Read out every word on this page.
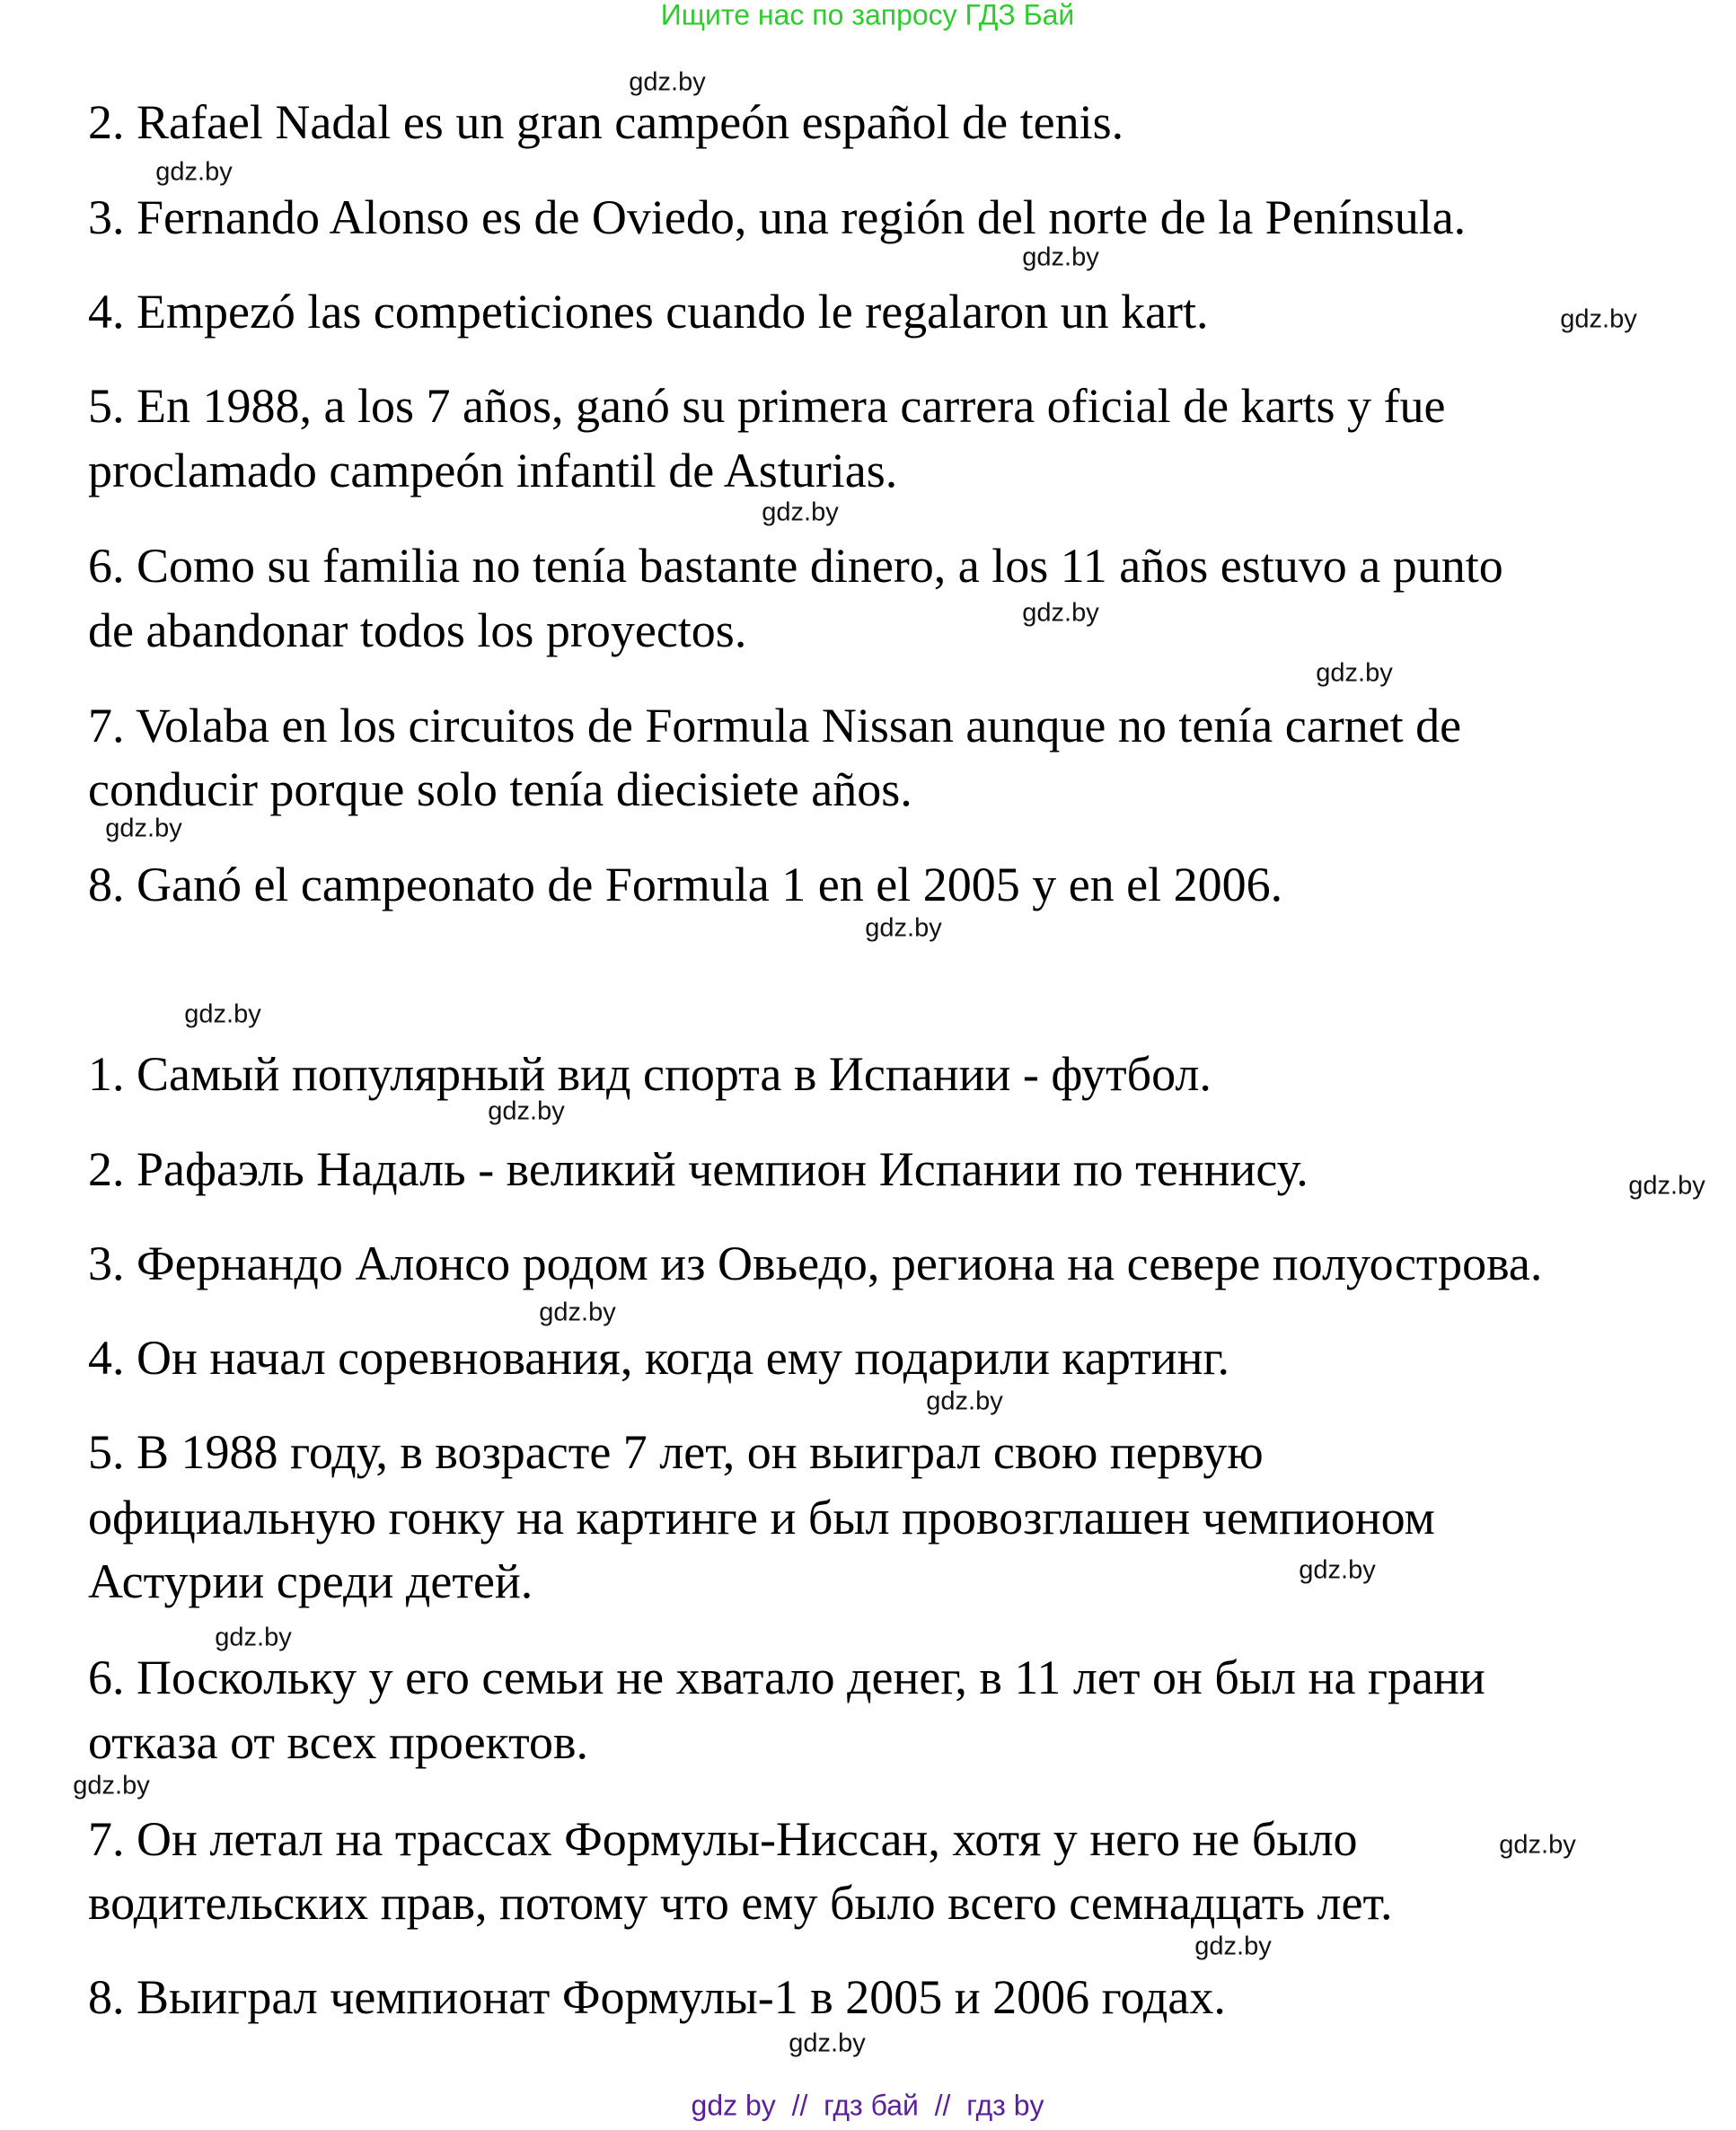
Ищите нас по запросу ГДЗ Бай
2. Rafael Nadal es un gran campeón español de tenis.
3. Fernando Alonso es de Oviedo, una región del norte de la Península.
4. Empezó las competiciones cuando le regalaron un kart.
5. En 1988, a los 7 años, ganó su primera carrera oficial de karts y fue
proclamado campeón infantil de Asturias.
6. Como su familia no tenía bastante dinero, a los 11 años estuvo a punto
de abandonar todos los proyectos.
7. Volaba en los circuitos de Formula Nissan aunque no tenía carnet de
conducir porque solo tenía diecisiete años.
8. Ganó el campeonato de Formula 1 en el 2005 y en el 2006.
1. Самый популярный вид спорта в Испании - футбол.
2. Рафаэль Надаль - великий чемпион Испании по теннису.
3. Фернандо Алонсо родом из Овьедо, региона на севере полуострова.
4. Он начал соревнования, когда ему подарили картинг.
5. В 1988 году, в возрасте 7 лет, он выиграл свою первую
официальную гонку на картинге и был провозглашен чемпионом
Астурии среди детей.
6. Поскольку у его семьи не хватало денег, в 11 лет он был на грани
отказа от всех проектов.
7. Он летал на трассах Формулы-Ниссан, хотя у него не было
водительских прав, потому что ему было всего семнадцать лет.
8. Выиграл чемпионат Формулы-1 в 2005 и 2006 годах.
gdz.by
gdz.by
gdz.by
gdz.by
gdz.by
gdz.by
gdz.by
gdz.by
gdz.by
gdz.by
gdz.by
gdz.by
gdz.by
gdz.by
gdz.by
gdz.by
gdz.by
gdz.by
gdz.by
gdz.by
gdz by  //  гдз бай  //  гдз by
